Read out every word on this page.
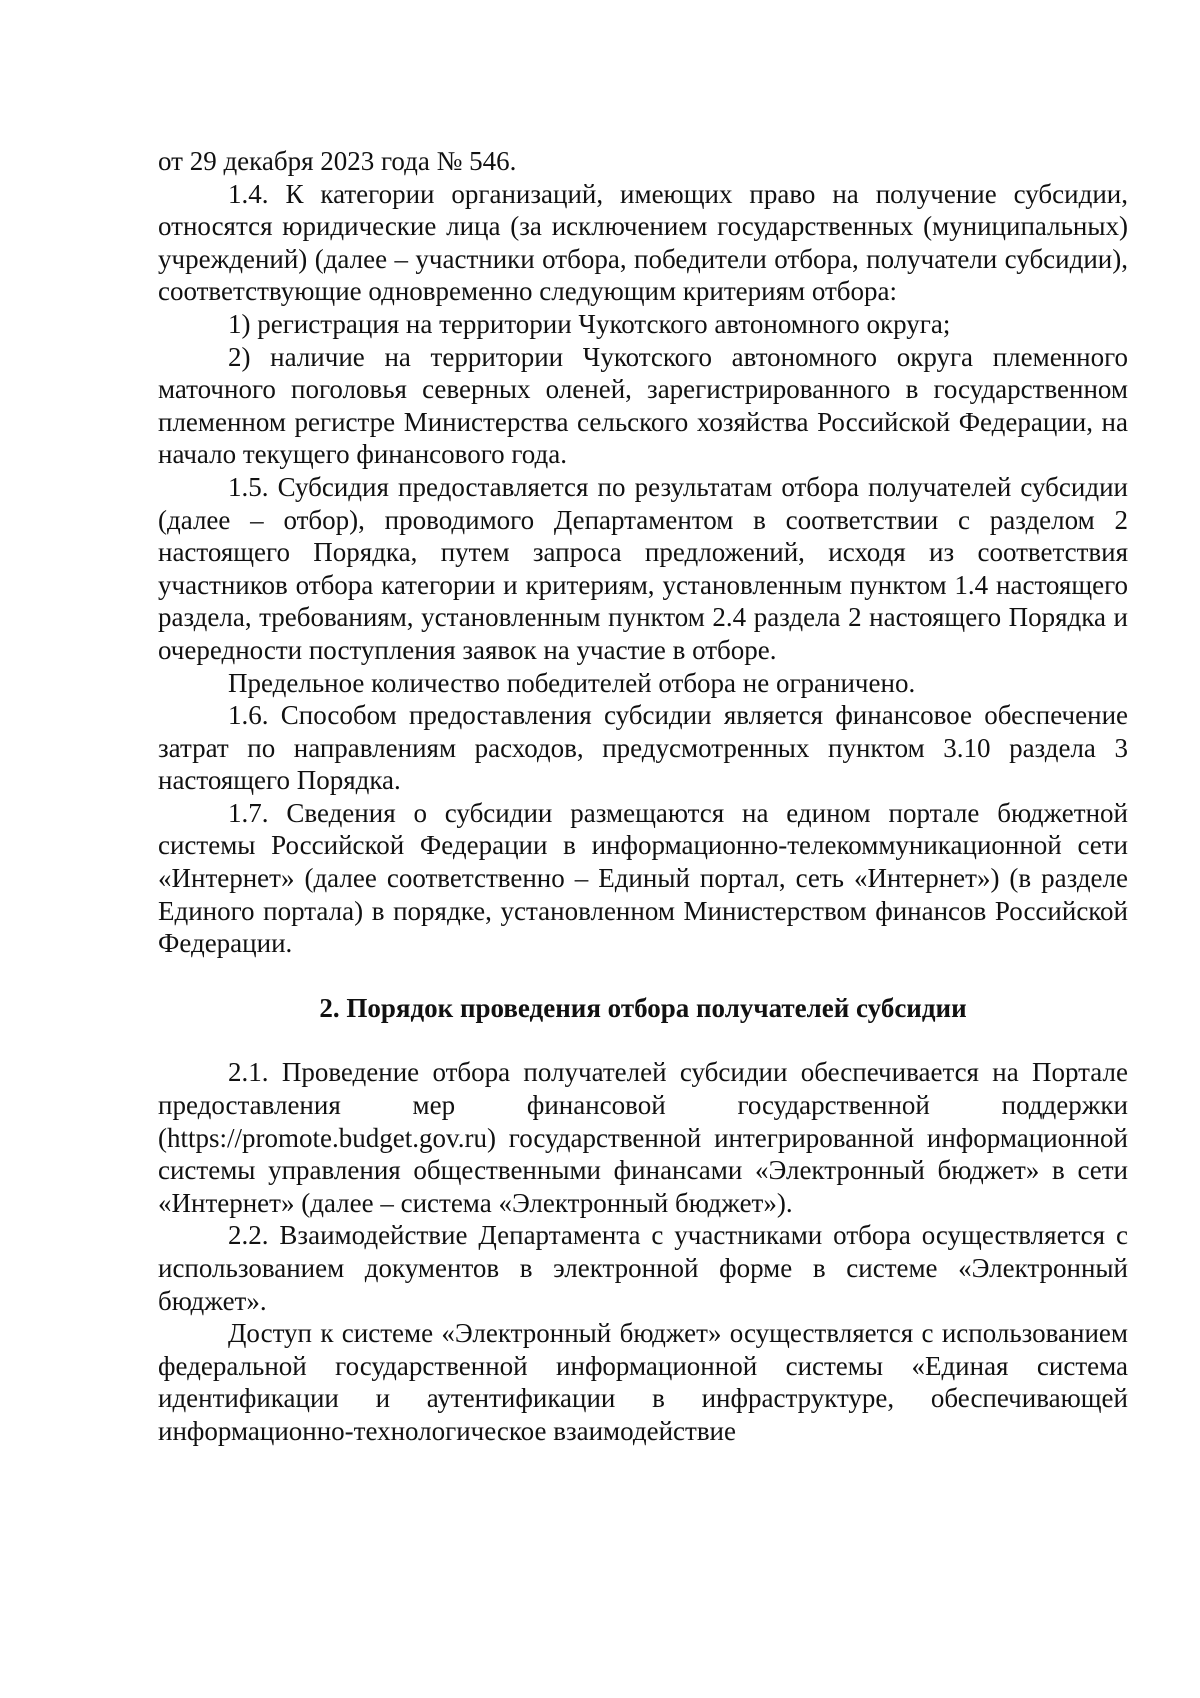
от 29 декабря 2023 года № 546.

1.4. К категории организаций, имеющих право на получение субсидии, относятся юридические лица (за исключением государственных (муниципальных) учреждений) (далее – участники отбора, победители отбора, получатели субсидии), соответствующие одновременно следующим критериям отбора:

1) регистрация на территории Чукотского автономного округа;

2) наличие на территории Чукотского автономного округа племенного маточного поголовья северных оленей, зарегистрированного в государственном племенном регистре Министерства сельского хозяйства Российской Федерации, на начало текущего финансового года.

1.5. Субсидия предоставляется по результатам отбора получателей субсидии (далее – отбор), проводимого Департаментом в соответствии с разделом 2 настоящего Порядка, путем запроса предложений, исходя из соответствия участников отбора категории и критериям, установленным пунктом 1.4 настоящего раздела, требованиям, установленным пунктом 2.4 раздела 2 настоящего Порядка и очередности поступления заявок на участие в отборе.

Предельное количество победителей отбора не ограничено.

1.6. Способом предоставления субсидии является финансовое обеспечение затрат по направлениям расходов, предусмотренных пунктом 3.10 раздела 3 настоящего Порядка.

1.7. Сведения о субсидии размещаются на едином портале бюджетной системы Российской Федерации в информационно-телекоммуникационной сети «Интернет» (далее соответственно – Единый портал, сеть «Интернет») (в разделе Единого портала) в порядке, установленном Министерством финансов Российской Федерации.

2. Порядок проведения отбора получателей субсидии

2.1. Проведение отбора получателей субсидии обеспечивается на Портале предоставления мер финансовой государственной поддержки (https://promote.budget.gov.ru) государственной интегрированной информационной системы управления общественными финансами «Электронный бюджет» в сети «Интернет» (далее – система «Электронный бюджет»).

2.2. Взаимодействие Департамента с участниками отбора осуществляется с использованием документов в электронной форме в системе «Электронный бюджет».

Доступ к системе «Электронный бюджет» осуществляется с использованием федеральной государственной информационной системы «Единая система идентификации и аутентификации в инфраструктуре, обеспечивающей информационно-технологическое взаимодействие
